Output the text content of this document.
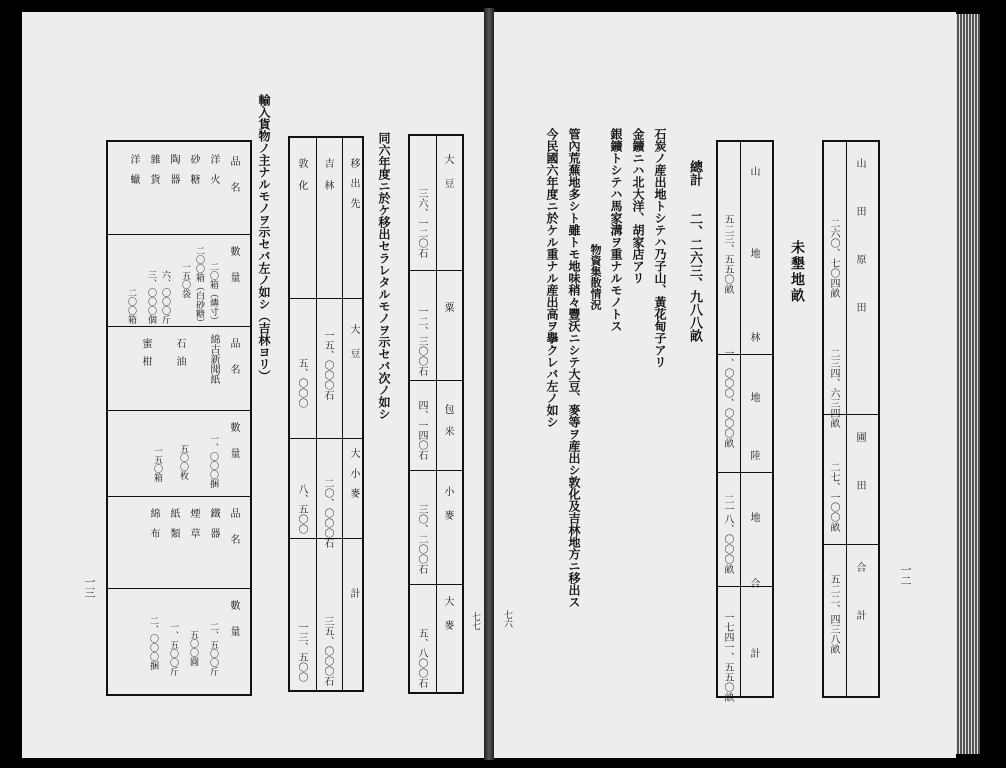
一二
七六
山　田　原　田
圃　田
合　計
二六〇、七〇四畝
二三四、六三四畝
二七、一〇〇畝
五二二、四三八畝
未墾地畝
山
地
林
地
陸
地
合
計
五二三、五五〇畝
一、〇〇〇、〇〇〇畝
二一八、〇〇〇畝
一七四一、五五〇畝
總計　　二、二六三、九八八畝
石炭ノ産出地トシテハ乃子山、黃花甸子アリ
金鑛ニハ北大洋、胡家店アリ
銀鑛トシテハ馬家溝ヲ重ナルモノトス
物資集散情況
管內荒蕪地多シト雖トモ地味稍々豐沃ニシテ大豆、麥等ヲ産出シ敦化及吉林地方ニ移出ス
今民國六年度ニ於ケル重ナル産出高ヲ擧クレバ左ノ如シ
一三
七七
大豆
粟
包米
小麥
大麥
三六、一二〇石
一二、三〇〇石
四、一四〇石
三〇、二〇〇石
五、八〇〇石
同六年度ニ於ケ移出セラレタルモノヲ示セバ次ノ如シ
移出先
大豆
大小麥
計
吉林
敦化
一五、〇〇〇石
五、〇〇〇
二〇、〇〇〇石
八、五〇〇
三五、〇〇〇石
一三、五〇〇
輸入貨物ノ主ナルモノヲ示セバ左ノ如シ（吉林ヨリ）
品名
數量
品名
數量
品名
數量
洋火
砂糖
陶器
雜貨
洋蠟
二〇箱（燐寸）
二〇〇箱（白砂糖）
一五〇袋
六、〇〇〇斤
三、〇〇〇個
二〇〇箱
綿古新聞紙
石油
蜜柑
一、〇〇〇捆
五〇〇枚
一五〇箱
鐵器
煙草
紙類
綿布
二、五〇〇斤
五〇〇圓
一、五〇〇斤
二、〇〇〇捆
